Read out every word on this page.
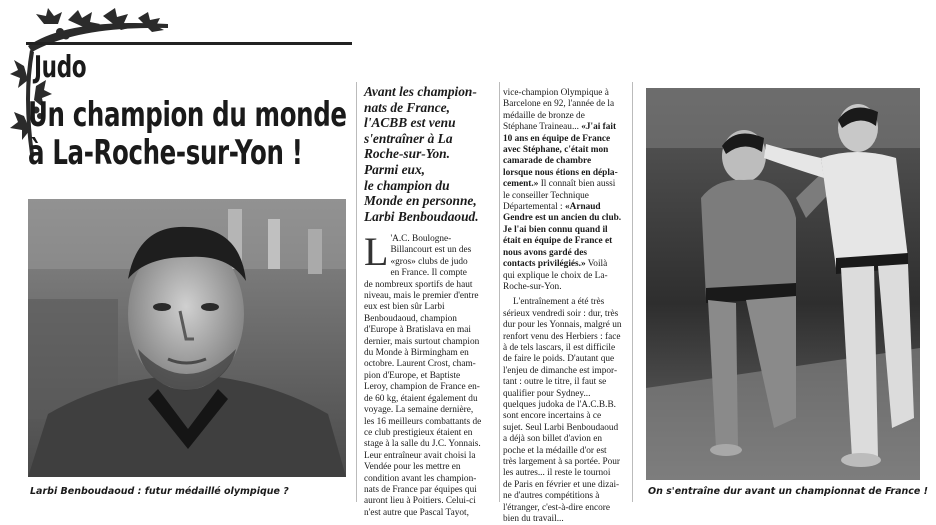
Judo
Un champion du monde
à La-Roche-sur-Yon !
Larbi Benboudaoud : futur médaillé olympique ?

Avant les champion-
nats de France,
l'ACBB est venu
s'entraîner à La
Roche-sur-Yon.
Parmi eux,
le champion du
Monde en personne,
Larbi Benboudaoud.

L 'A.C. Boulogne-
Billancourt est un des
«gros» clubs de judo
en France. Il compte
de nombreux sportifs de haut
niveau, mais le premier d'entre
eux est bien sûr Larbi
Benboudaoud, champion
d'Europe à Bratislava en mai
dernier, mais surtout champion
du Monde à Birmingham en
octobre. Laurent Crost, cham-
pion d'Europe, et Baptiste
Leroy, champion de France en-
de 60 kg, étaient également du
voyage. La semaine dernière,
les 16 meilleurs combattants de
ce club prestigieux étaient en
stage à la salle du J.C. Yonnais.
Leur entraîneur avait choisi la
Vendée pour les mettre en
condition avant les champion-
nats de France par équipes qui
auront lieu à Poitiers. Celui-ci
n'est autre que Pascal Tayot,

vice-champion Olympique à
Barcelone en 92, l'année de la
médaille de bronze de
Stéphane Traineau... «J'ai fait
10 ans en équipe de France
avec Stéphane, c'était mon
camarade de chambre
lorsque nous étions en dépla-
cement.» Il connaît bien aussi
le conseiller Technique
Départemental : «Arnaud
Gendre est un ancien du club.
Je l'ai bien connu quand il
était en équipe de France et
nous avons gardé des
contacts privilégiés.» Voilà
qui explique le choix de La-
Roche-sur-Yon.

L'entraînement a été très
sérieux vendredi soir : dur, très
dur pour les Yonnais, malgré un
renfort venu des Herbiers : face
à de tels lascars, il est difficile
de faire le poids. D'autant que
l'enjeu de dimanche est impor-
tant : outre le titre, il faut se
qualifier pour Sydney...
quelques judoka de l'A.C.B.B.
sont encore incertains à ce
sujet. Seul Larbi Benboudaoud
a déjà son billet d'avion en
poche et la médaille d'or est
très largement à sa portée. Pour
les autres... il reste le tournoi
de Paris en février et une dizai-
ne d'autres compétitions à
l'étranger, c'est-à-dire encore
bien du travail...

On s'entraîne dur avant un championnat de France !
